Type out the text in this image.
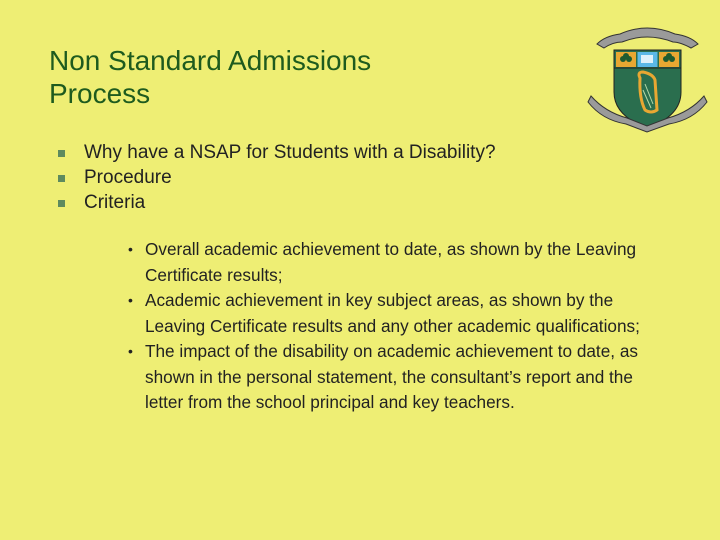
Non Standard Admissions
Process
Why have a NSAP for Students with a Disability?
Procedure
Criteria
• Overall academic achievement to date, as shown by the Leaving Certificate results;
• Academic achievement in key subject areas, as shown by the Leaving Certificate results and any other academic qualifications;
• The impact of the disability on academic achievement to date, as shown in the personal statement, the consultant’s report and the letter from the school principal and key teachers.
